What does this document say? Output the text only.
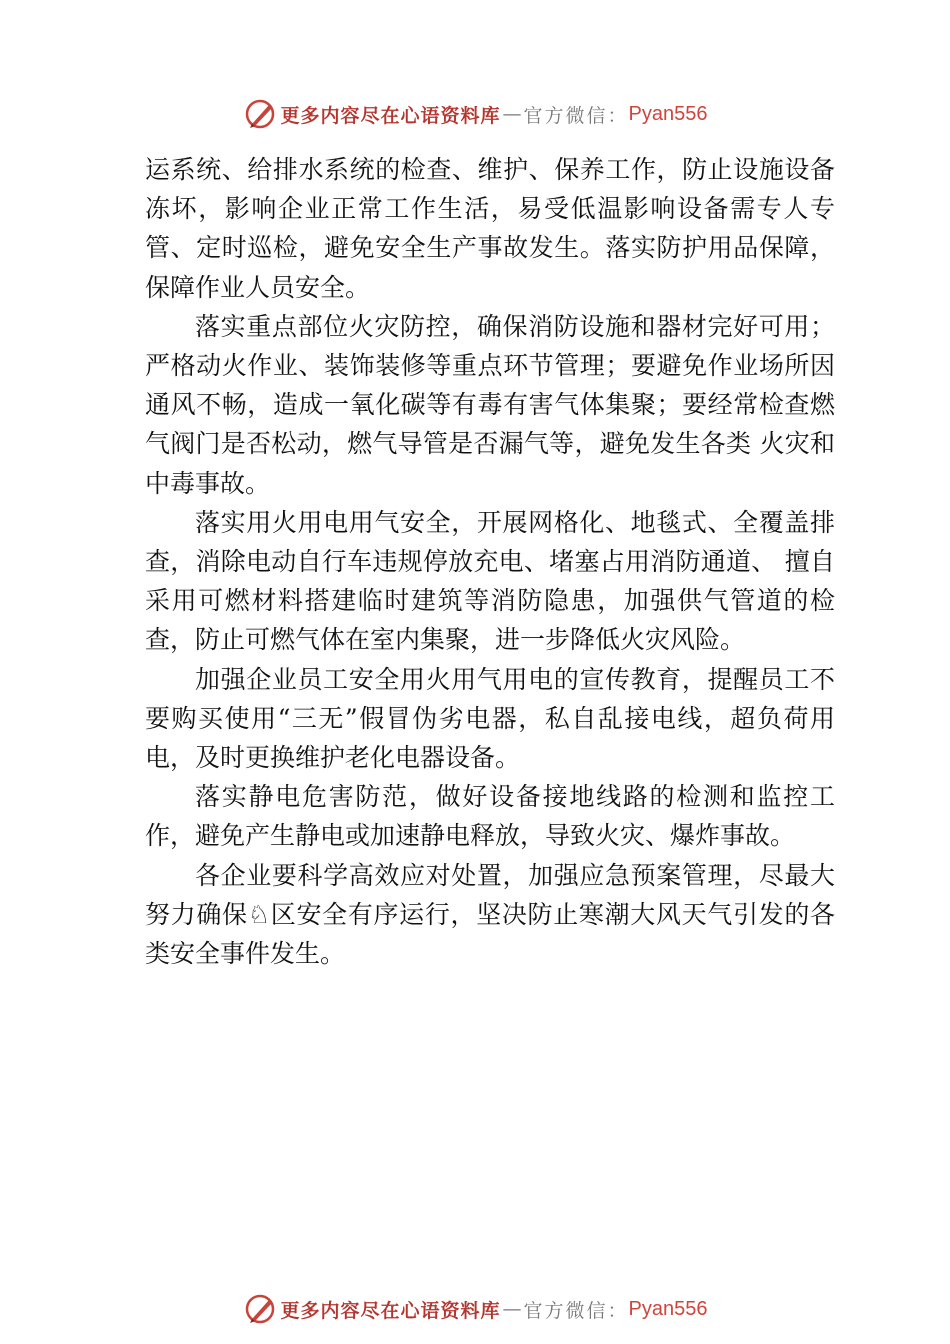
更多内容尽在心语资料库 — 官方微信： Pyan556

运系统、给排水系统的检查、维护、保养工作，防止设施设备冻坏，影响企业正常工作生活，易受低温影响设备需专人专管、定时巡检，避免安全生产事故发生。落实防护用品保障，保障作业人员安全。

落实重点部位火灾防控，确保消防设施和器材完好可用；严格动火作业、装饰装修等重点环节管理；要避免作业场所因通风不畅，造成一氧化碳等有毒有害气体集聚；要经常检查燃气阀门是否松动，燃气导管是否漏气等，避免发生各类 火灾和中毒事故。

落实用火用电用气安全，开展网格化、地毯式、全覆盖排查，消除电动自行车违规停放充电、堵塞占用消防通道、 擅自采用可燃材料搭建临时建筑等消防隐患，加强供气管道的检查，防止可燃气体在室内集聚，进一步降低火灾风险。

加强企业员工安全用火用气用电的宣传教育，提醒员工不要购买使用“三无”假冒伪劣电器，私自乱接电线，超负荷用电，及时更换维护老化电器设备。

落实静电危害防范，做好设备接地线路的检测和监控工作，避免产生静电或加速静电释放，导致火灾、爆炸事故。

各企业要科学高效应对处置，加强应急预案管理，尽最大努力确保♘区安全有序运行，坚决防止寒潮大风天气引发的各类安全事件发生。

更多内容尽在心语资料库 — 官方微信： Pyan556
